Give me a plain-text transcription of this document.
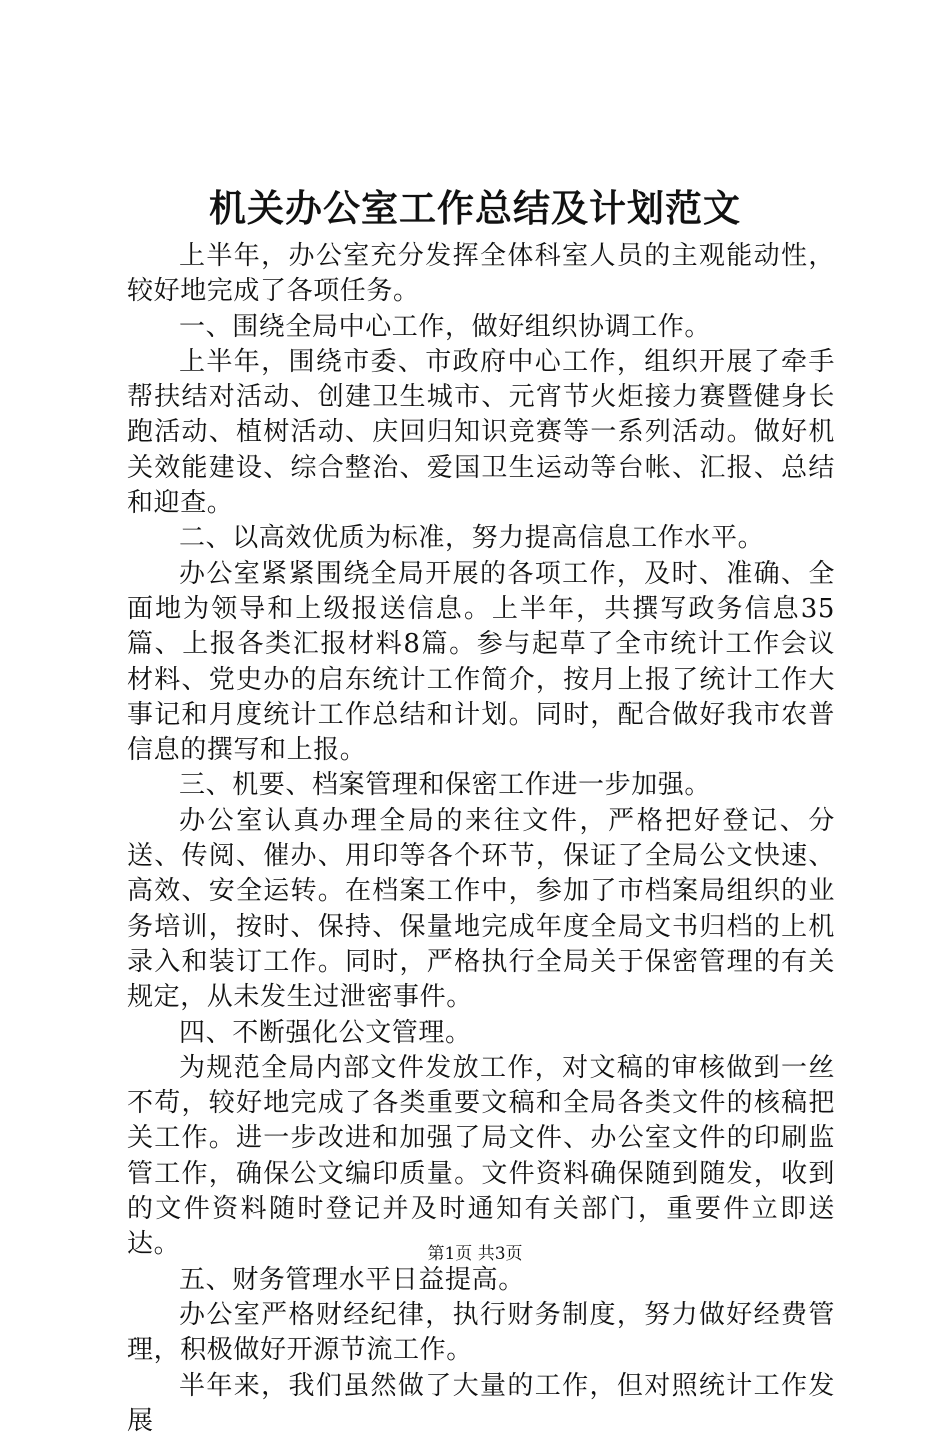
机关办公室工作总结及计划范文

上半年，办公室充分发挥全体科室人员的主观能动性，较好地完成了各项任务。

一、围绕全局中心工作，做好组织协调工作。

上半年，围绕市委、市政府中心工作，组织开展了牵手帮扶结对活动、创建卫生城市、元宵节火炬接力赛暨健身长跑活动、植树活动、庆回归知识竞赛等一系列活动。做好机关效能建设、综合整治、爱国卫生运动等台帐、汇报、总结和迎查。

二、以高效优质为标准，努力提高信息工作水平。

办公室紧紧围绕全局开展的各项工作，及时、准确、全面地为领导和上级报送信息。上半年，共撰写政务信息35篇、上报各类汇报材料8篇。参与起草了全市统计工作会议材料、党史办的启东统计工作简介，按月上报了统计工作大事记和月度统计工作总结和计划。同时，配合做好我市农普信息的撰写和上报。

三、机要、档案管理和保密工作进一步加强。

办公室认真办理全局的来往文件，严格把好登记、分送、传阅、催办、用印等各个环节，保证了全局公文快速、高效、安全运转。在档案工作中，参加了市档案局组织的业务培训，按时、保持、保量地完成年度全局文书归档的上机录入和装订工作。同时，严格执行全局关于保密管理的有关规定，从未发生过泄密事件。

四、不断强化公文管理。

为规范全局内部文件发放工作，对文稿的审核做到一丝不苟，较好地完成了各类重要文稿和全局各类文件的核稿把关工作。进一步改进和加强了局文件、办公室文件的印刷监管工作，确保公文编印质量。文件资料确保随到随发，收到的文件资料随时登记并及时通知有关部门，重要件立即送达。

五、财务管理水平日益提高。

办公室严格财经纪律，执行财务制度，努力做好经费管理，积极做好开源节流工作。

半年来，我们虽然做了大量的工作，但对照统计工作发展

第1页 共3页
